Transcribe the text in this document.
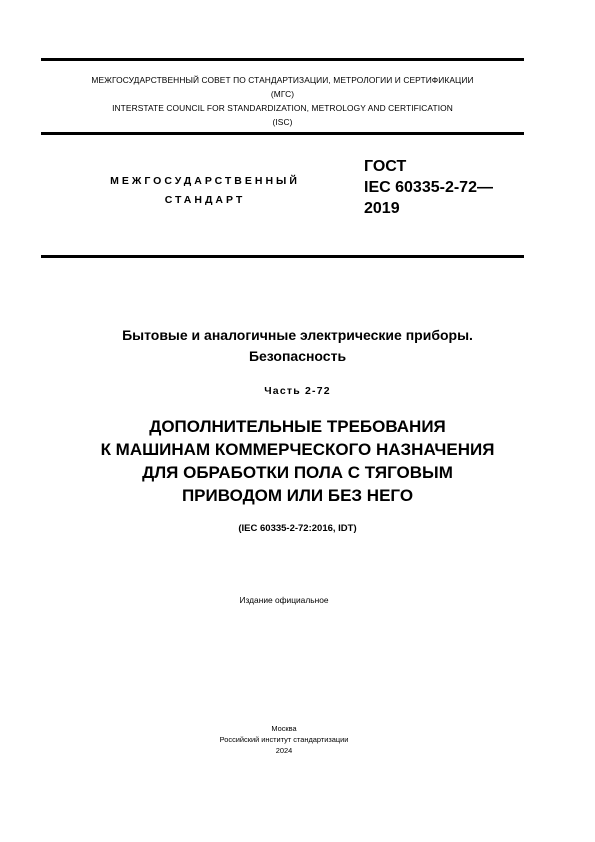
МЕЖГОСУДАРСТВЕННЫЙ СОВЕТ ПО СТАНДАРТИЗАЦИИ, МЕТРОЛОГИИ И СЕРТИФИКАЦИИ
(МГС)
INTERSTATE COUNCIL FOR STANDARDIZATION, METROLOGY AND CERTIFICATION
(ISC)
МЕЖГОСУДАРСТВЕННЫЙ
СТАНДАРТ
ГОСТ
IEC 60335-2-72—
2019
Бытовые и аналогичные электрические приборы.
Безопасность
Часть 2-72
ДОПОЛНИТЕЛЬНЫЕ ТРЕБОВАНИЯ
К МАШИНАМ КОММЕРЧЕСКОГО НАЗНАЧЕНИЯ
ДЛЯ ОБРАБОТКИ ПОЛА С ТЯГОВЫМ
ПРИВОДОМ ИЛИ БЕЗ НЕГО
(IEC 60335-2-72:2016, IDT)
Издание официальное
Москва
Российский институт стандартизации
2024
